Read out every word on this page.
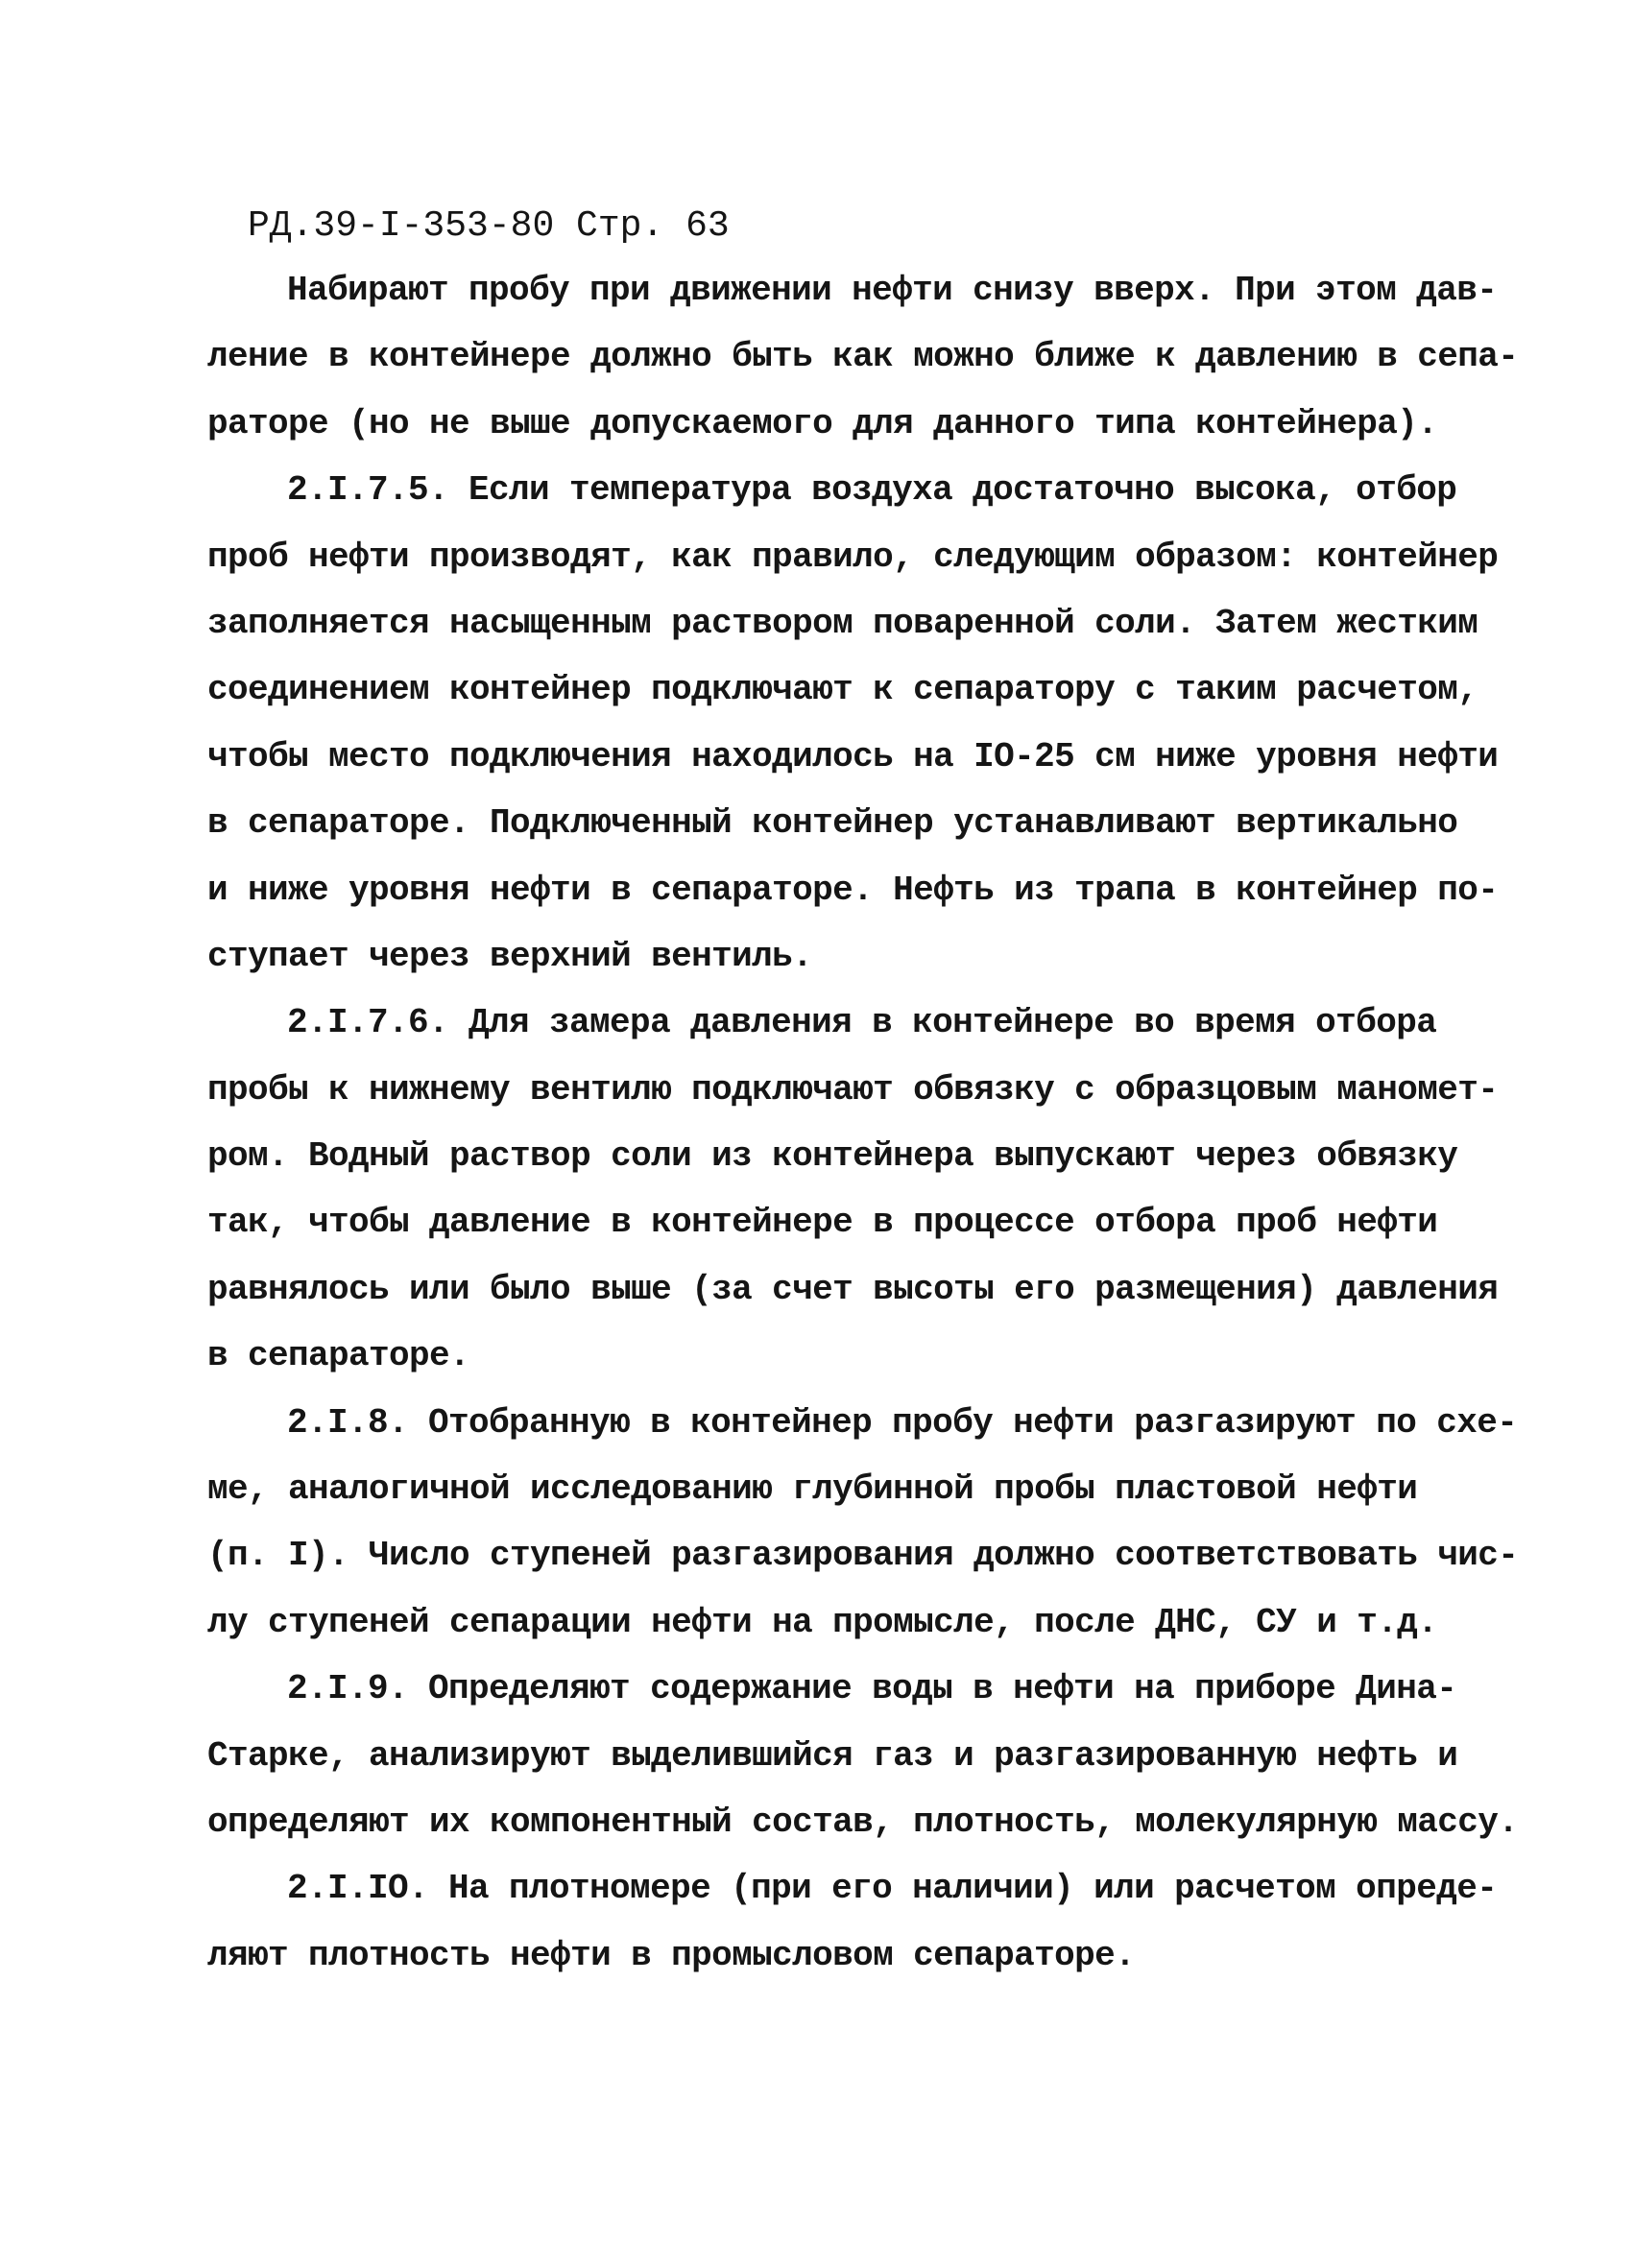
РД.39-I-353-80 Стр. 63
Набирают пробу при движении нефти снизу вверх. При этом дав-
ление в контейнере должно быть как можно ближе к давлению в сепа-
раторе (но не выше допускаемого для данного типа контейнера).
2.I.7.5. Если температура воздуха достаточно высока, отбор
проб нефти производят, как правило, следующим образом: контейнер
заполняется насыщенным раствором поваренной соли. Затем жестким
соединением контейнер подключают к сепаратору с таким расчетом,
чтобы место подключения находилось на IO-25 см ниже уровня нефти
в сепараторе. Подключенный контейнер устанавливают вертикально
и ниже уровня нефти в сепараторе. Нефть из трапа в контейнер по-
ступает через верхний вентиль.
2.I.7.6. Для замера давления в контейнере во время отбора
пробы к нижнему вентилю подключают обвязку с образцовым маномет-
ром. Водный раствор соли из контейнера выпускают через обвязку
так, чтобы давление в контейнере в процессе отбора проб нефти
равнялось или было выше (за счет высоты его размещения) давления
в сепараторе.
2.I.8. Отобранную в контейнер пробу нефти разгазируют по схе-
ме, аналогичной исследованию глубинной пробы пластовой нефти
(п. I). Число ступеней разгазирования должно соответствовать чис-
лу ступеней сепарации нефти на промысле, после ДНС, СУ и т.д.
2.I.9. Определяют содержание воды в нефти на приборе Дина-
Старке, анализируют выделившийся газ и разгазированную нефть и
определяют их компонентный состав, плотность, молекулярную массу.
2.I.IO. На плотномере (при его наличии) или расчетом опреде-
ляют плотность нефти в промысловом сепараторе.
